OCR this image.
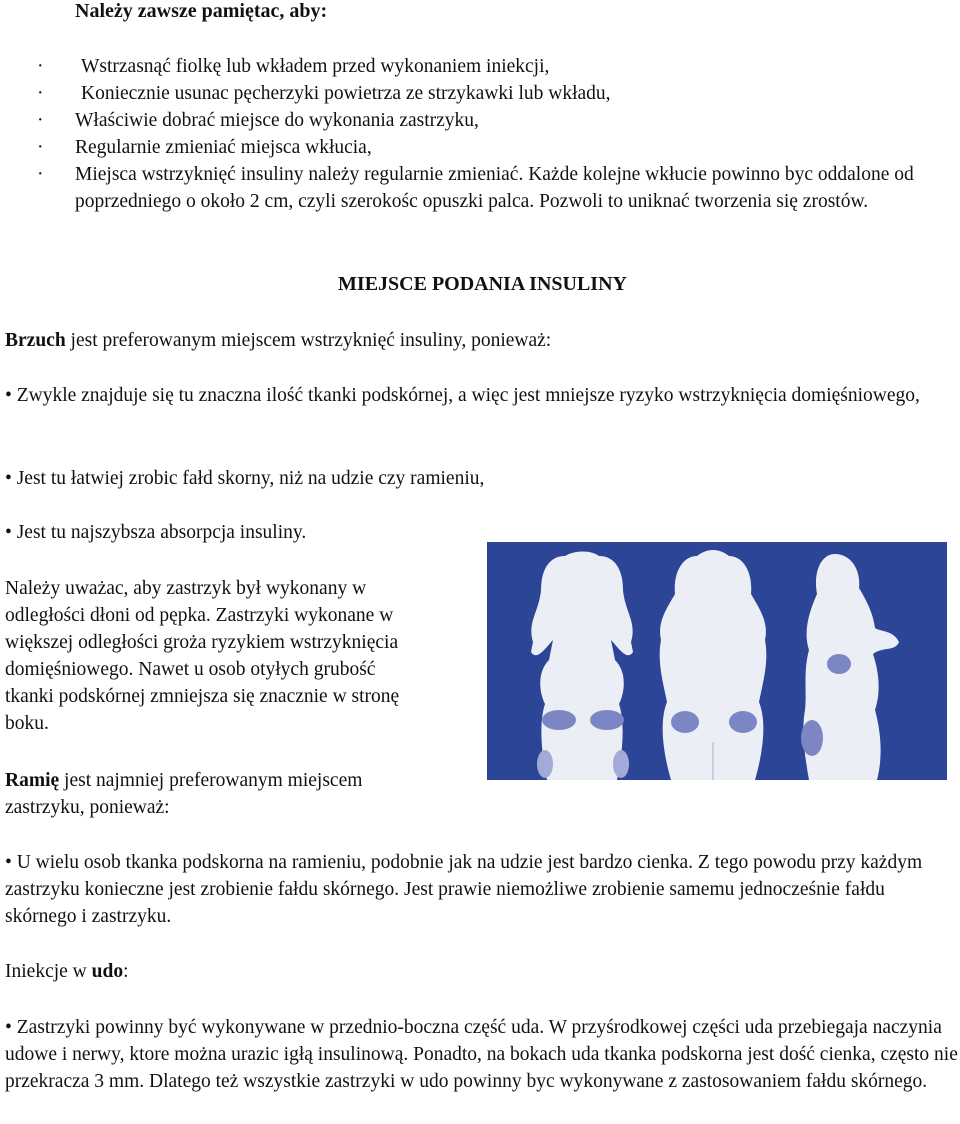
Należy zawsze pamiętac, aby:
· Wstrzasnąć fiolkę lub wkładem przed wykonaniem iniekcji,
· Koniecznie usunac pęcherzyki powietrza ze strzykawki lub wkładu,
· Właściwie dobrać miejsce do wykonania zastrzyku,
· Regularnie zmieniać miejsca wkłucia,
· Miejsca wstrzyknięć insuliny należy regularnie zmieniać. Każde kolejne wkłucie powinno byc oddalone od poprzedniego o około 2 cm, czyli szerokośc opuszki palca. Pozwoli to uniknać tworzenia się zrostów.
MIEJSCE PODANIA INSULINY
Brzuch jest preferowanym miejscem wstrzyknięć insuliny, ponieważ:
• Zwykle znajduje się tu znaczna ilość tkanki podskórnej, a więc jest mniejsze ryzyko wstrzyknięcia domięśniowego,
• Jest tu łatwiej zrobic fałd skorny, niż na udzie czy ramieniu,
• Jest tu najszybsza absorpcja insuliny.
Należy uważac, aby zastrzyk był wykonany w
odległości dłoni od pępka. Zastrzyki wykonane w
większej odległości groża ryzykiem wstrzyknięcia
domięśniowego. Nawet u osob otyłych grubość
tkanki podskórnej zmniejsza się znacznie w stronę
boku.
Ramię jest najmniej preferowanym miejscem
zastrzyku, ponieważ:
• U wielu osob tkanka podskorna na ramieniu, podobnie jak na udzie jest bardzo cienka. Z tego powodu przy każdym zastrzyku konieczne jest zrobienie fałdu skórnego. Jest prawie niemożliwe zrobienie samemu jednocześnie fałdu skórnego i zastrzyku.
Iniekcje w udo:
• Zastrzyki powinny być wykonywane w przednio-boczna część uda. W przyśrodkowej części uda przebiegaja naczynia udowe i nerwy, ktore można urazic igłą insulinową. Ponadto, na bokach uda tkanka podskorna jest dość cienka, często nie przekracza 3 mm. Dlatego też wszystkie zastrzyki w udo powinny byc wykonywane z zastosowaniem fałdu skórnego.
